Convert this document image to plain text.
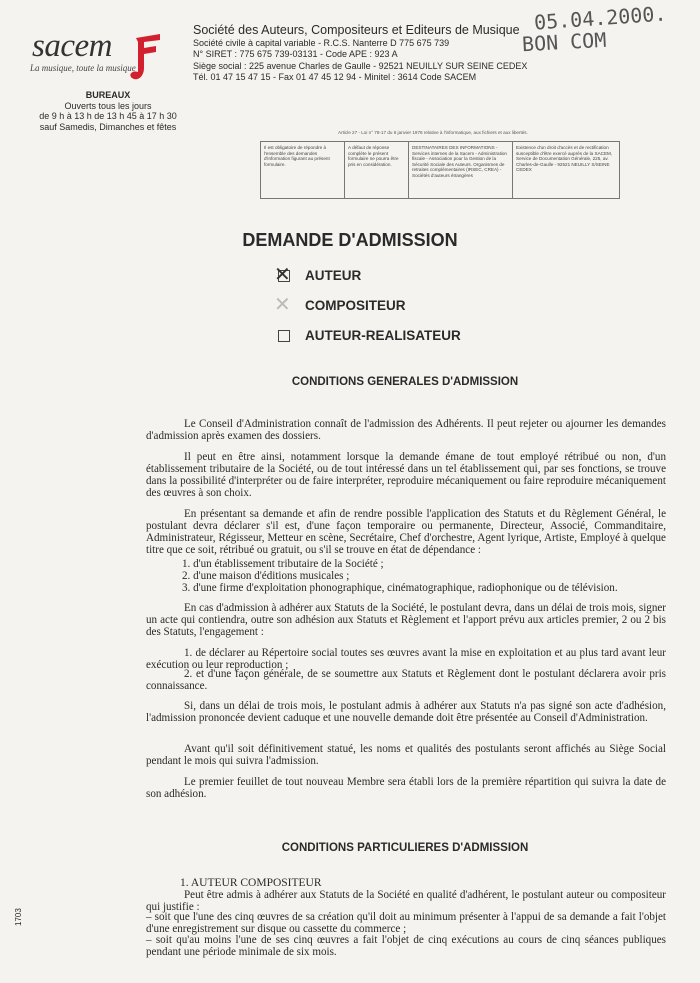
sacem
La musique, toute la musique
BUREAUX
Ouverts tous les jours
de 9 h à 13 h de 13 h 45 à 17 h 30
sauf Samedis, Dimanches et fêtes
Société des Auteurs, Compositeurs et Editeurs de Musique
Société civile à capital variable - R.C.S. Nanterre D 775 675 739
N° SIRET : 775 675 739-03131 - Code APE : 923 A
Siège social : 225 avenue Charles de Gaulle - 92521 NEUILLY SUR SEINE CEDEX
Tél. 01 47 15 47 15 - Fax 01 47 45 12 94 - Minitel : 3614 Code SACEM
05.04.2000.
BON COM
Article 27 - Loi n° 78-17 du 6 janvier 1978 relative à l'informatique, aux fichiers et aux libertés.
Il est obligatoire de répondre à l'ensemble des demandes d'information figurant au présent formulaire.
A défaut de réponse complète le présent formulaire ne pourra être pris en considération.
DESTINATAIRES DES INFORMATIONS - Services internes de la Sacem - Administration fiscale - Association pour la Gestion de la Sécurité Sociale des Auteurs. Organismes de retraites complémentaires (IRSEC, CREA) - Sociétés d'auteurs étrangères
Existence d'un droit d'accès et de rectification susceptible d'être exercé auprès de la SACEM, Service de Documentation Générale, 225, av. Charles-de-Gaulle - 92521 NEUILLY S/SEINE CEDEX
DEMANDE D'ADMISSION
✕ AUTEUR
✕ COMPOSITEUR
AUTEUR-REALISATEUR
CONDITIONS GENERALES D'ADMISSION

Le Conseil d'Administration connaît de l'admission des Adhérents. Il peut rejeter ou ajourner les demandes d'admission après examen des dossiers.

Il peut en être ainsi, notamment lorsque la demande émane de tout employé rétribué ou non, d'un établissement tributaire de la Société, ou de tout intéressé dans un tel établissement qui, par ses fonctions, se trouve dans la possibilité d'interpréter ou de faire interpréter, reproduire mécaniquement ou faire reproduire mécaniquement des œuvres à son choix.

En présentant sa demande et afin de rendre possible l'application des Statuts et du Règlement Général, le postulant devra déclarer s'il est, d'une façon temporaire ou permanente, Directeur, Associé, Commanditaire, Administrateur, Régisseur, Metteur en scène, Secrétaire, Chef d'orchestre, Agent lyrique, Artiste, Employé à quelque titre que ce soit, rétribué ou gratuit, ou s'il se trouve en état de dépendance :

1. d'un établissement tributaire de la Société ;
2. d'une maison d'éditions musicales ;
3. d'une firme d'exploitation phonographique, cinématographique, radiophonique ou de télévision.

En cas d'admission à adhérer aux Statuts de la Société, le postulant devra, dans un délai de trois mois, signer un acte qui contiendra, outre son adhésion aux Statuts et Règlement et l'apport prévu aux articles premier, 2 ou 2 bis des Statuts, l'engagement :

1. de déclarer au Répertoire social toutes ses œuvres avant la mise en exploitation et au plus tard avant leur exécution ou leur reproduction ;

2. et d'une façon générale, de se soumettre aux Statuts et Règlement dont le postulant déclarera avoir pris connaissance.

Si, dans un délai de trois mois, le postulant admis à adhérer aux Statuts n'a pas signé son acte d'adhésion, l'admission prononcée devient caduque et une nouvelle demande doit être présentée au Conseil d'Administration.

Avant qu'il soit définitivement statué, les noms et qualités des postulants seront affichés au Siège Social pendant le mois qui suivra l'admission.

Le premier feuillet de tout nouveau Membre sera établi lors de la première répartition qui suivra la date de son adhésion.

CONDITIONS PARTICULIERES D'ADMISSION
1. AUTEUR COMPOSITEUR

Peut être admis à adhérer aux Statuts de la Société en qualité d'adhérent, le postulant auteur ou compositeur qui justifie :

– soit que l'une des cinq œuvres de sa création qu'il doit au minimum présenter à l'appui de sa demande a fait l'objet d'une enregistrement sur disque ou cassette du commerce ;
– soit qu'au moins l'une de ses cinq œuvres a fait l'objet de cinq exécutions au cours de cinq séances publiques pendant une période minimale de six mois.
1703
